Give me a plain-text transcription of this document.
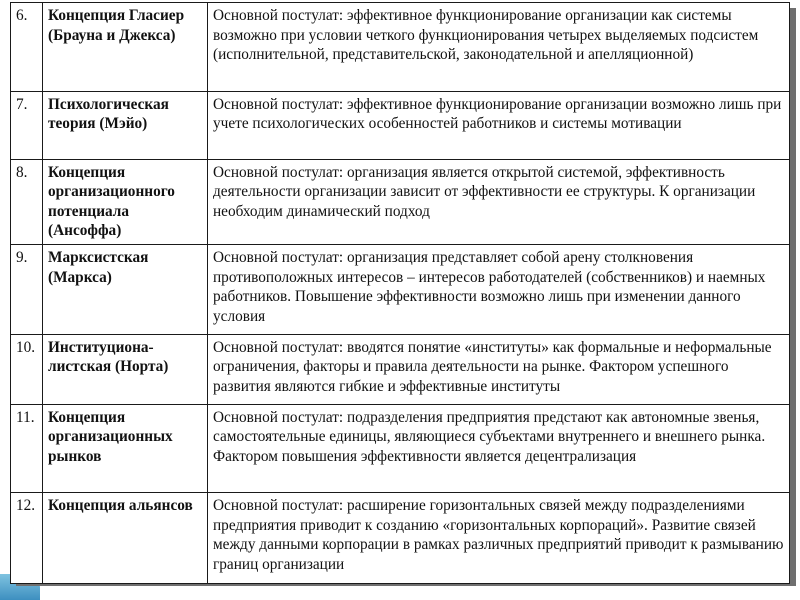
6.	Концепция Гласиер (Брауна и Джекса)	Основной постулат: эффективное функционирование организации как системы возможно при условии четкого функционирования четырех выделяемых подсистем (исполнительной, представительской, законодательной и апелляционной)
7.	Психологическая теория (Мэйо)	Основной постулат: эффективное функционирование организации возможно лишь при учете психологических особенностей работников и системы мотивации
8.	Концепция организационного потенциала (Ансоффа)	Основной постулат: организация является открытой системой, эффективность деятельности организации зависит от эффективности ее структуры. К организации необходим динамический подход
9.	Марксистская (Маркса)	Основной постулат: организация представляет собой арену столкновения противоположных интересов – интересов работодателей (собственников) и наемных работников. Повышение эффективности возможно лишь при изменении данного условия
10.	Институциона-листская (Норта)	Основной постулат: вводятся понятие «институты» как формальные и неформальные ограничения, факторы и правила деятельности на рынке. Фактором успешного развития являются гибкие и эффективные институты
11.	Концепция организационных рынков	Основной постулат: подразделения предприятия предстают как автономные звенья, самостоятельные единицы, являющиеся субъектами внутреннего и внешнего рынка. Фактором повышения эффективности является децентрализация
12.	Концепция альянсов	Основной постулат: расширение горизонтальных связей между подразделениями предприятия приводит к созданию «горизонтальных корпораций». Развитие связей между данными корпорации в рамках различных предприятий приводит к размыванию границ организации
